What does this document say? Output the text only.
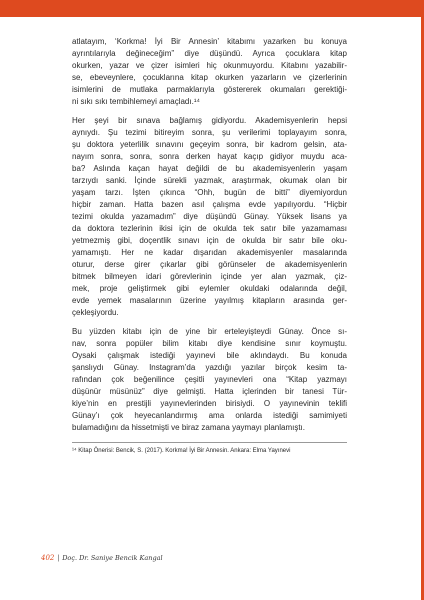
atlatayım, ‘Korkma! İyi Bir Annesin’ kitabımı yazarken bu konuya
ayrıntılarıyla değineceğim” diye düşündü. Ayrıca çocuklara kitap
okurken, yazar ve çizer isimleri hiç okunmuyordu. Kitabını yazabilir-
se, ebeveynlere, çocuklarına kitap okurken yazarların ve çizerlerinin
isimlerini de mutlaka parmaklarıyla göstererek okumaları gerektiği-
ni sıkı sıkı tembihlemeyi amaçladı.¹⁴

Her şeyi bir sınava bağlamış gidiyordu. Akademisyenlerin hepsi
aynıydı. Şu tezimi bitireyim sonra, şu verilerimi toplayayım sonra,
şu doktora yeterlilik sınavını geçeyim sonra, bir kadrom gelsin, ata-
nayım sonra, sonra, sonra derken hayat kaçıp gidiyor muydu aca-
ba? Aslında kaçan hayat değildi de bu akademisyenlerin yaşam
tarzıydı sanki. İçinde sürekli yazmak, araştırmak, okumak olan bir
yaşam tarzı. İşten çıkınca “Ohh, bugün de bitti” diyemiyordun
hiçbir zaman. Hatta bazen asıl çalışma evde yapılıyordu. “Hiçbir
tezimi okulda yazamadım” diye düşündü Günay. Yüksek lisans ya
da doktora tezlerinin ikisi için de okulda tek satır bile yazamaması
yetmezmiş gibi, doçentlik sınavı için de okulda bir satır bile oku-
yamamıştı. Her ne kadar dışarıdan akademisyenler masalarında
oturur, derse girer çıkarlar gibi görünseler de akademisyenlerin
bitmek bilmeyen idari görevlerinin içinde yer alan yazmak, çiz-
mek, proje geliştirmek gibi eylemler okuldaki odalarında değil,
evde yemek masalarının üzerine yayılmış kitapların arasında ger-
çekleşiyordu.

Bu yüzden kitabı için de yine bir erteleyişteydi Günay. Önce sı-
nav, sonra popüler bilim kitabı diye kendisine sınır koymuştu.
Oysaki çalışmak istediği yayınevi bile aklındaydı. Bu konuda
şanslıydı Günay. Instagram’da yazdığı yazılar birçok kesim ta-
rafından çok beğenilince çeşitli yayınevleri ona “Kitap yazmayı
düşünür müsünüz” diye gelmişti. Hatta içlerinden bir tanesi Tür-
kiye’nin en prestijli yayınevlerinden birisiydi. O yayınevinin teklifi
Günay’ı çok heyecanlandırmış ama onlarda istediği samimiyeti
bulamadığını da hissetmişti ve biraz zamana yaymayı planlamıştı.

¹⁴ Kitap Önerisi: Bencik, S. (2017). Korkma! İyi Bir Annesin. Ankara: Elma Yayınevi
402 | Doç. Dr. Saniye Bencik Kangal
